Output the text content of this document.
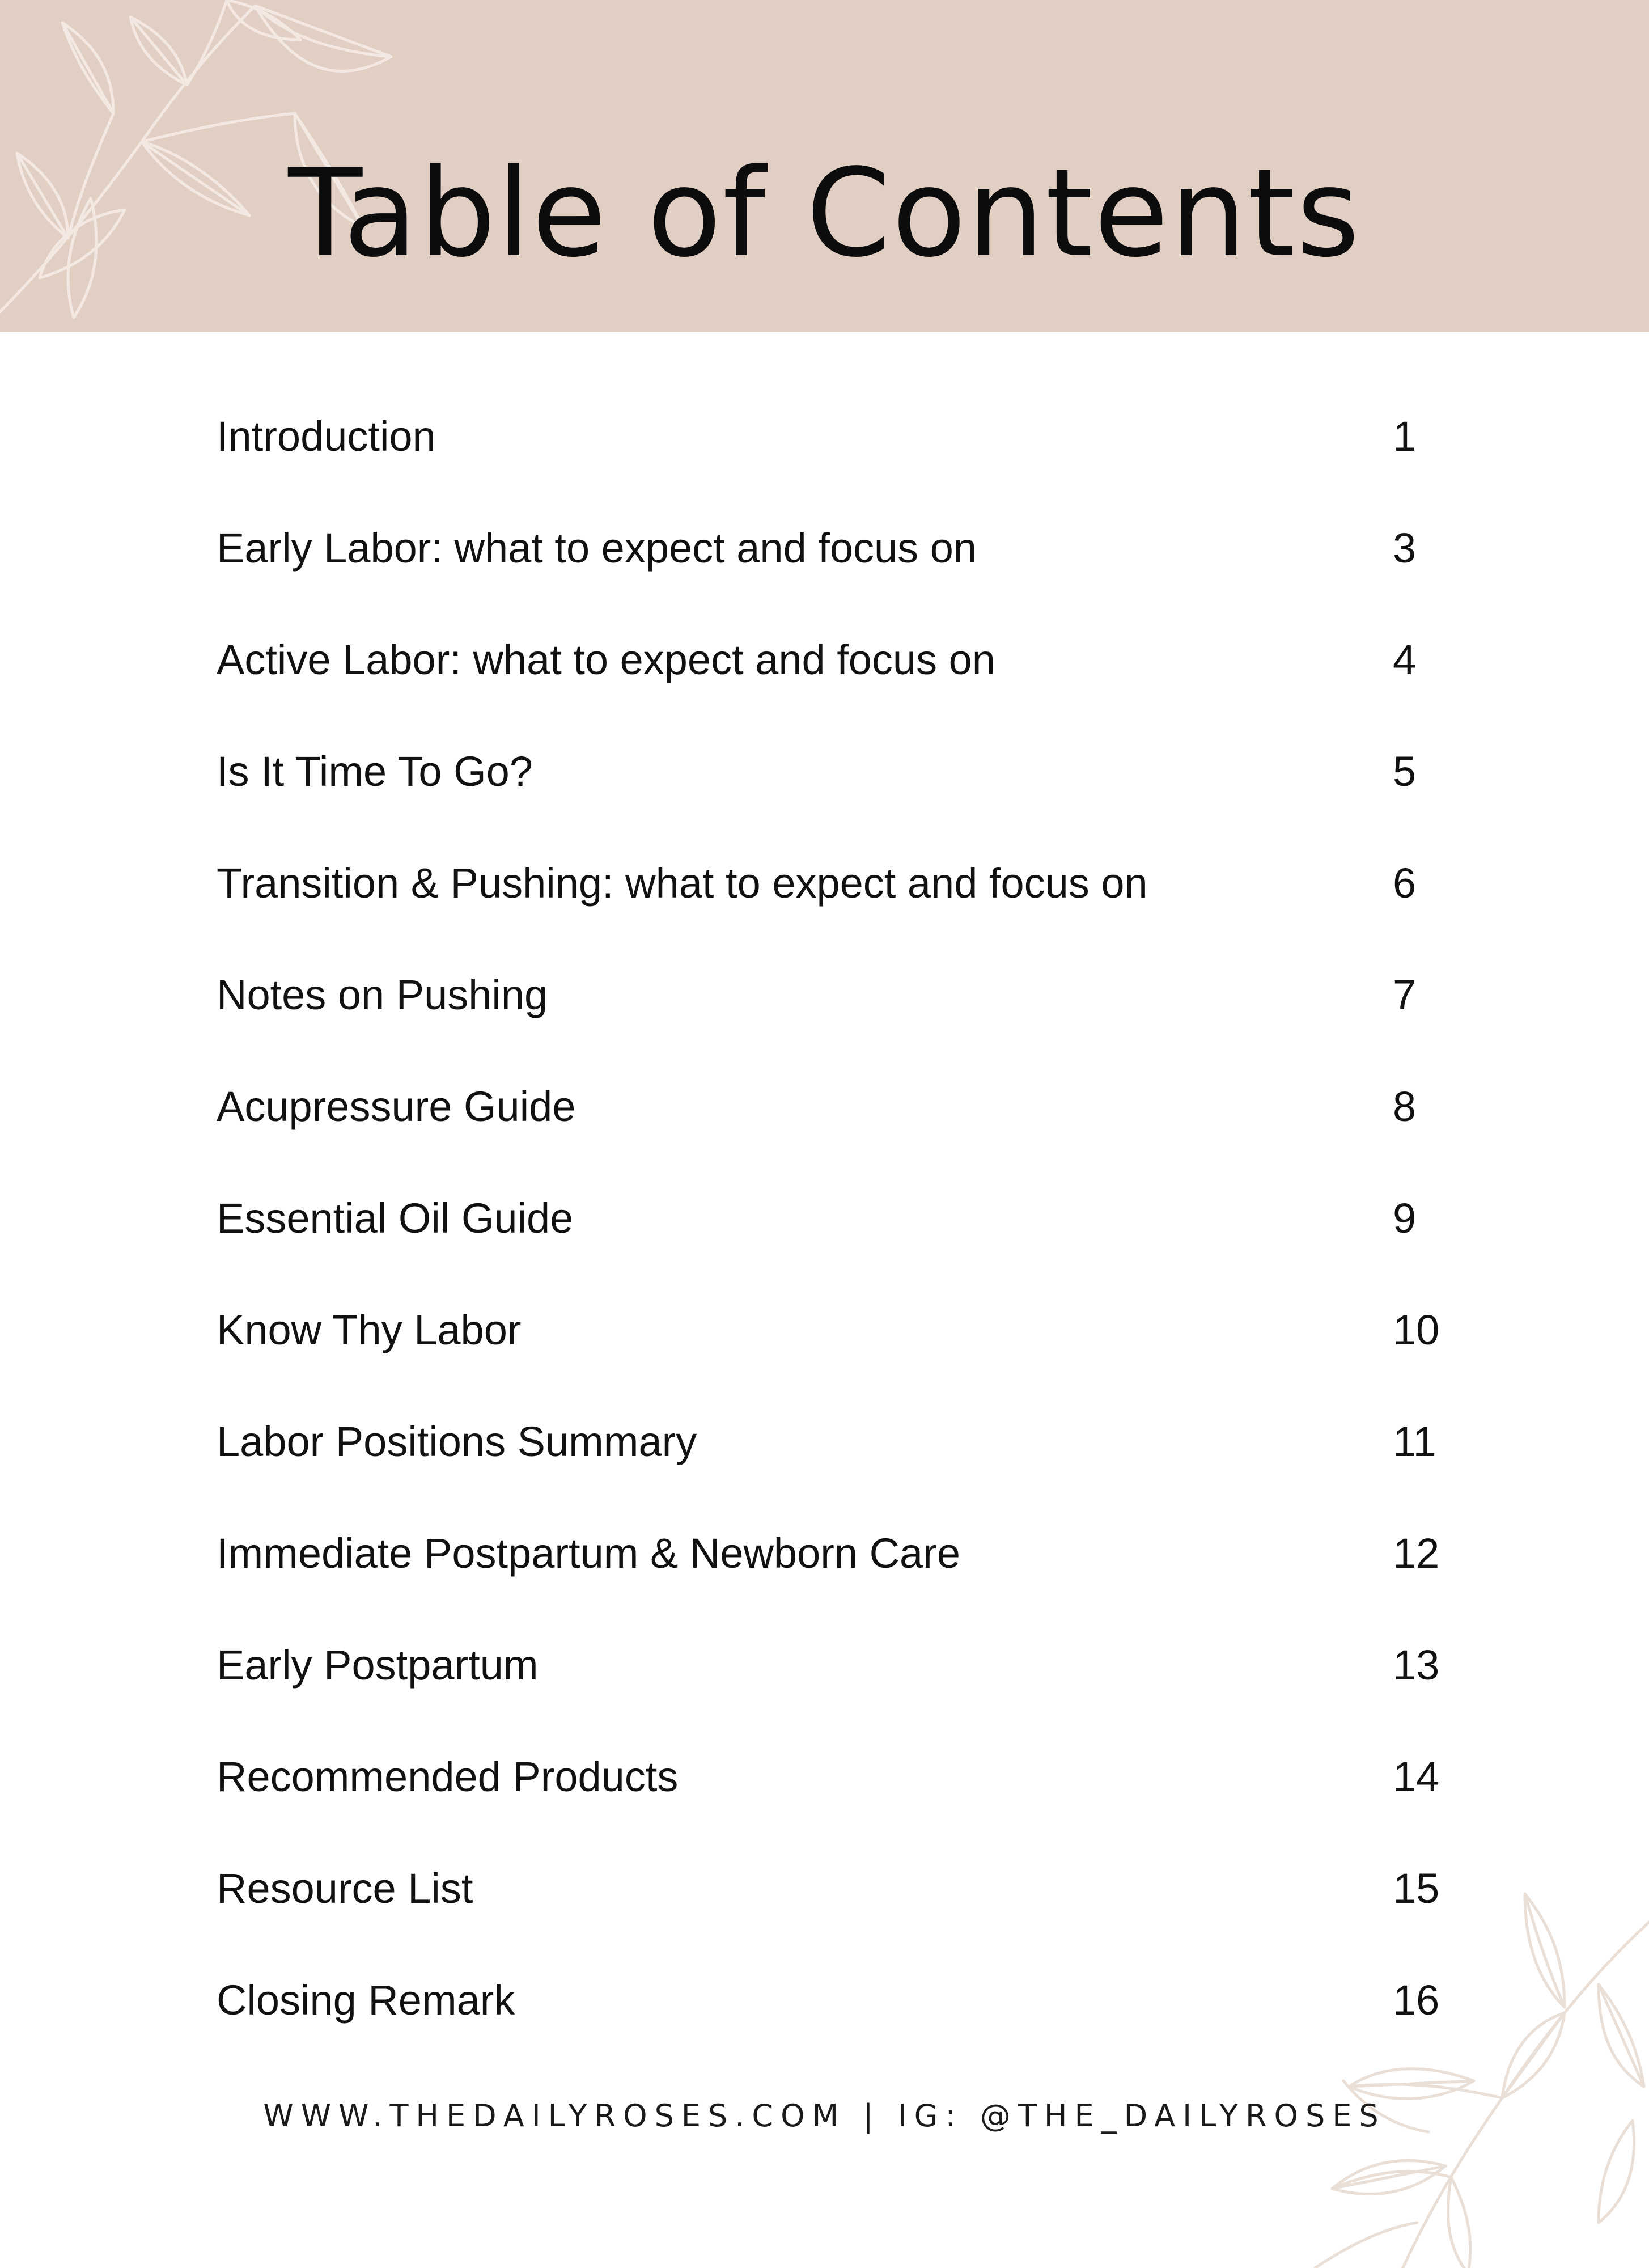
Table of Contents
Introduction	1
Early Labor: what to expect and focus on	3
Active Labor: what to expect and focus on	4
Is It Time To Go?	5
Transition & Pushing: what to expect and focus on	6
Notes on Pushing	7
Acupressure Guide	8
Essential Oil Guide	9
Know Thy Labor	10
Labor Positions Summary	11
Immediate Postpartum & Newborn Care	12
Early Postpartum	13
Recommended Products	14
Resource List	15
Closing Remark	16
WWW.THEDAILYROSES.COM | IG: @THE_DAILYROSES
